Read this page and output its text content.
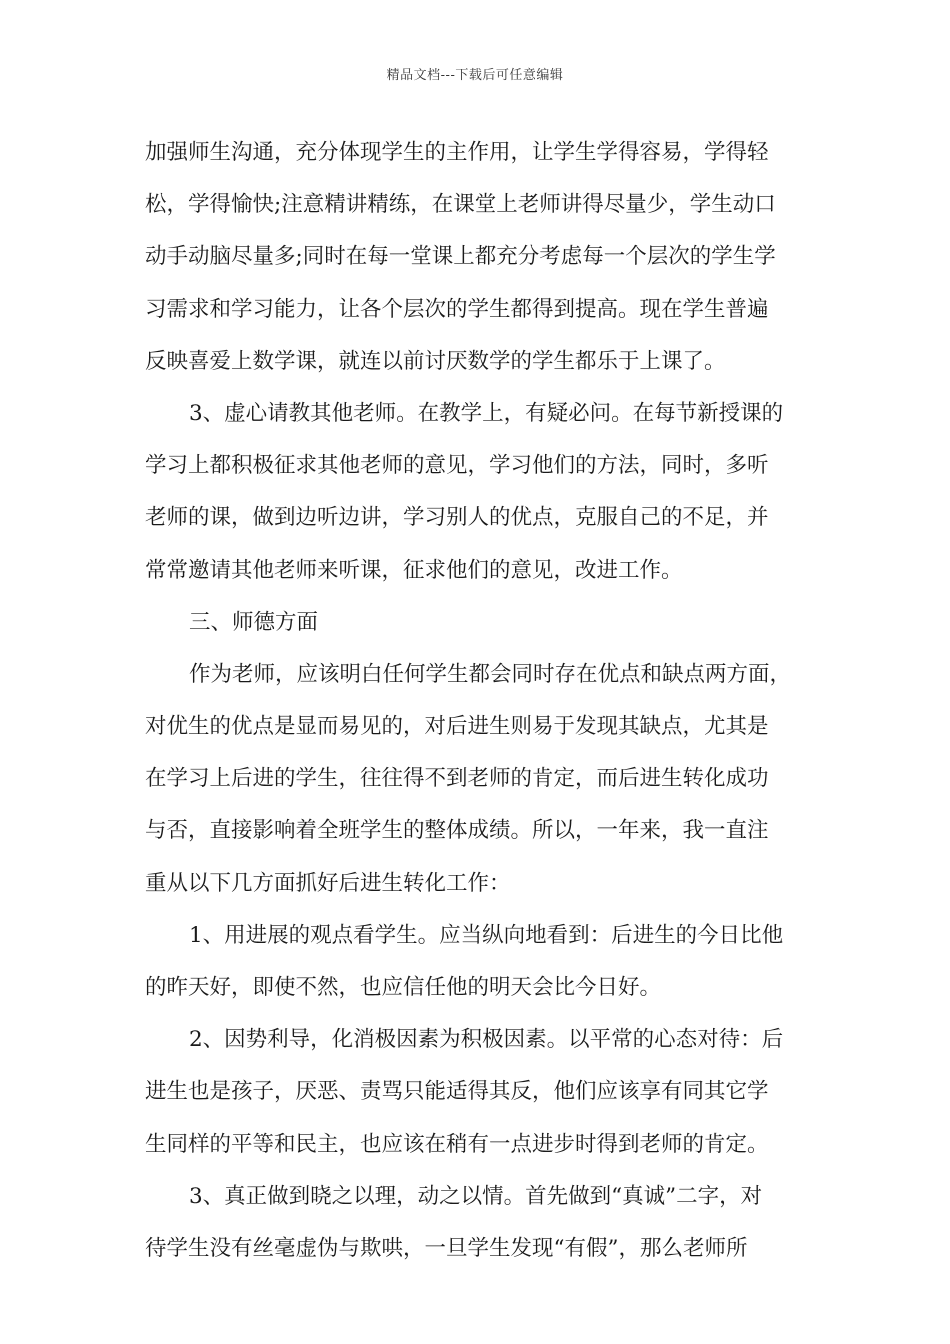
精品文档---下载后可任意编辑

加强师生沟通，充分体现学生的主作用，让学生学得容易，学得轻
松，学得愉快;注意精讲精练，在课堂上老师讲得尽量少，学生动口
动手动脑尽量多;同时在每一堂课上都充分考虑每一个层次的学生学
习需求和学习能力，让各个层次的学生都得到提高。现在学生普遍
反映喜爱上数学课，就连以前讨厌数学的学生都乐于上课了。

3、虚心请教其他老师。在教学上，有疑必问。在每节新授课的
学习上都积极征求其他老师的意见，学习他们的方法，同时，多听
老师的课，做到边听边讲，学习别人的优点，克服自己的不足，并
常常邀请其他老师来听课，征求他们的意见，改进工作。

三、师德方面

作为老师，应该明白任何学生都会同时存在优点和缺点两方面，
对优生的优点是显而易见的，对后进生则易于发现其缺点，尤其是
在学习上后进的学生，往往得不到老师的肯定，而后进生转化成功
与否，直接影响着全班学生的整体成绩。所以，一年来，我一直注
重从以下几方面抓好后进生转化工作：

1、用进展的观点看学生。应当纵向地看到：后进生的今日比他
的昨天好，即使不然，也应信任他的明天会比今日好。

2、因势利导，化消极因素为积极因素。以平常的心态对待：后
进生也是孩子，厌恶、责骂只能适得其反，他们应该享有同其它学
生同样的平等和民主，也应该在稍有一点进步时得到老师的肯定。

3、真正做到晓之以理，动之以情。首先做到“真诚”二字，对
待学生没有丝毫虚伪与欺哄，一旦学生发现“有假”，那么老师所
